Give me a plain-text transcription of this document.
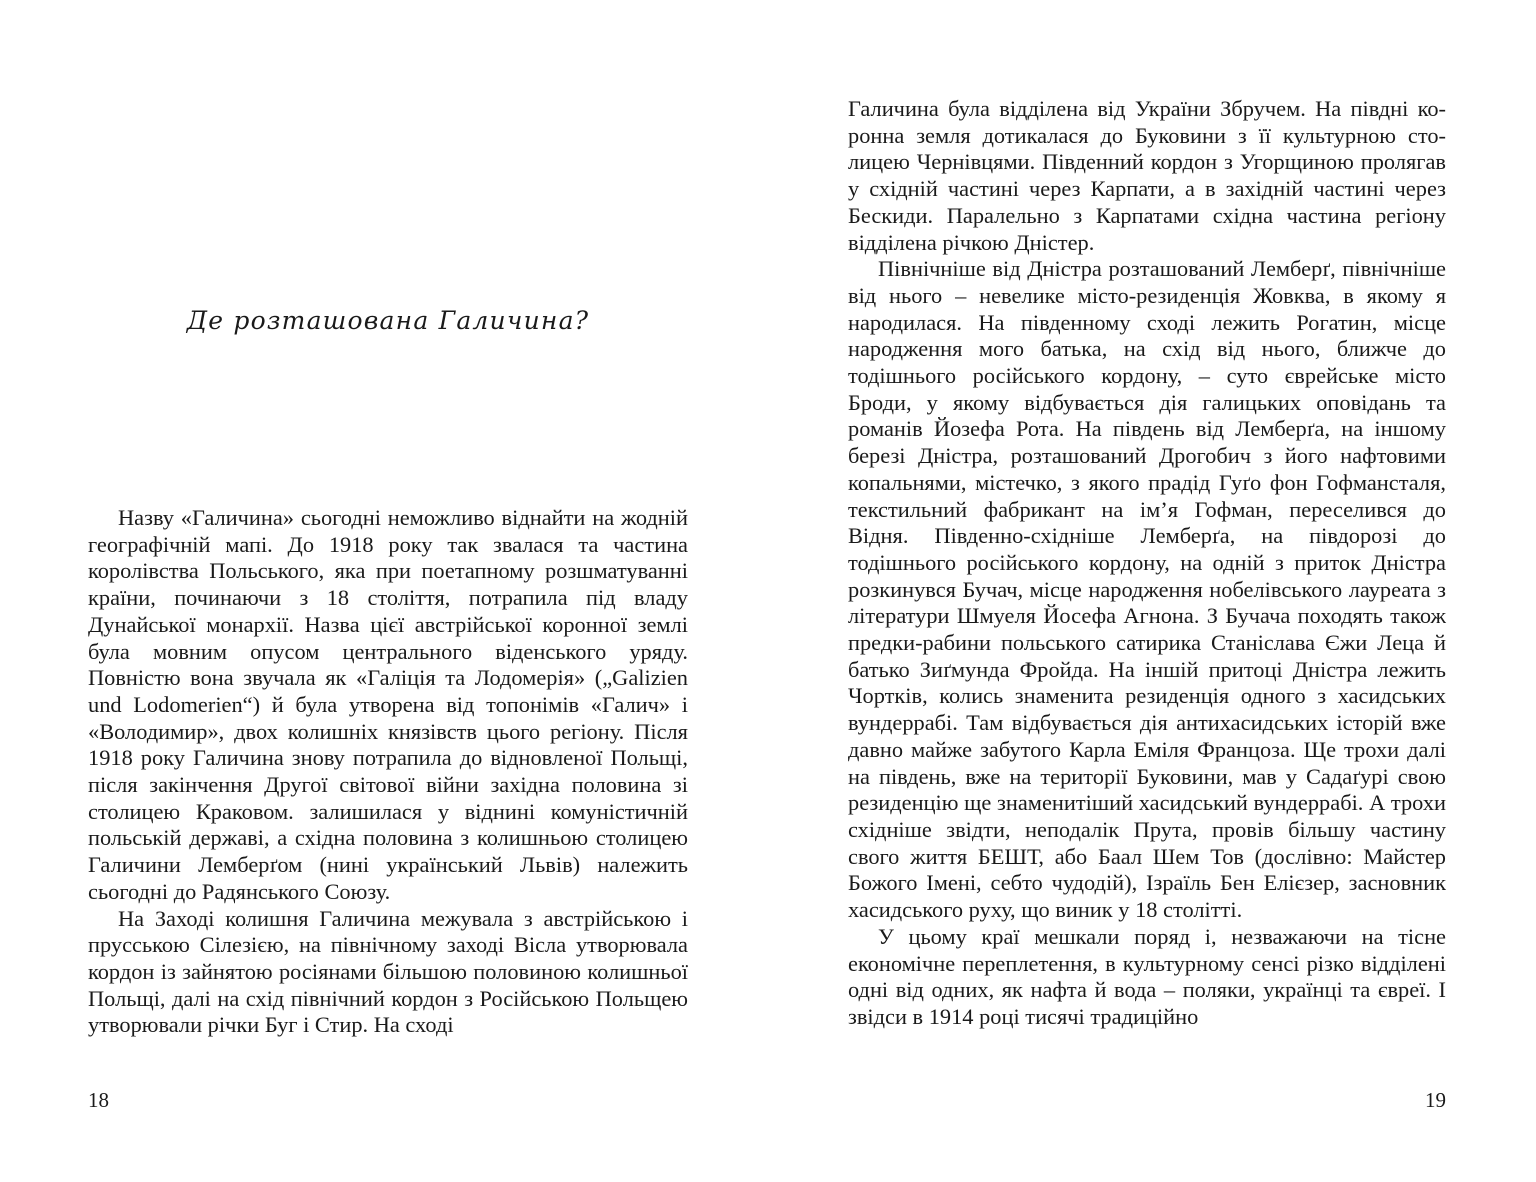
Де розташована Галичина?

Назву «Галичина» сьогодні неможливо віднайти на жодній географічній мапі. До 1918 року так звалася та частина королівства Польського, яка при поетапному розшматуванні країни, починаючи з 18 століття, потрапила під владу Дунайської монархії. Назва цієї австрійської коронної землі була мовним опусом центрального віденського уряду. Повністю вона звучала як «Галіція та Лодомерія» („Galizien und Lodomerien“) й була утворена від топонімів «Галич» і «Володимир», двох колишніх князівств цього регіону. Після 1918 року Галичина знову потрапила до відновленої Польщі, після закінчення Другої світової війни західна половина зі столицею Краковом. залишилася у віднині комуністичній польській державі, а східна половина з колишньою столицею Галичини Лемберґом (нині український Львів) належить сьогодні до Радянського Союзу.

На Заході колишня Галичина межувала з австрійською і прусською Сілезією, на північному заході Вісла утворювала кордон із зайнятою росіянами більшою половиною колишньої Польщі, далі на схід північний кордон з Російською Польщею утворювали річки Буг і Стир. На сході

18

Галичина була відділена від України Збручем. На півдні коронна земля дотикалася до Буковини з її культурною столицею Чернівцями. Південний кордон з Угорщиною пролягав у східній частині через Карпати, а в західній частині через Бескиди. Паралельно з Карпатами східна частина регіону відділена річкою Дністер.

Північніше від Дністра розташований Лемберґ, північніше від нього – невелике місто-резиденція Жовква, в якому я народилася. На південному сході лежить Рогатин, місце народження мого батька, на схід від нього, ближче до тодішнього російського кордону, – суто єврейське місто Броди, у якому відбувається дія галицьких оповідань та романів Йозефа Рота. На південь від Лемберґа, на іншому березі Дністра, розташований Дрогобич з його нафтовими копальнями, містечко, з якого прадід Гуґо фон Гофмансталя, текстильний фабрикант на ім’я Гофман, переселився до Відня. Південно-східніше Лемберґа, на півдорозі до тодішнього російського кордону, на одній з приток Дністра розкинувся Бучач, місце народження нобелівського лауреата з літератури Шмуеля Йосефа Агнона. З Бучача походять також предки-рабини польського сатирика Станіслава Єжи Леца й батько Зиґмунда Фройда. На іншій притоці Дністра лежить Чортків, колись знаменита резиденція одного з хасидських вундеррабі. Там відбувається дія антихасидських історій вже давно майже забутого Карла Еміля Францоза. Ще трохи далі на південь, вже на території Буковини, мав у Садаґурі свою резиденцію ще знаменитіший хасидський вундеррабі. А трохи східніше звідти, неподалік Прута, провів більшу частину свого життя БЕШТ, або Баал Шем Тов (дослівно: Майстер Божого Імені, себто чудодій), Ізраїль Бен Елієзер, засновник хасидського руху, що виник у 18 столітті.

У цьому краї мешкали поряд і, незважаючи на тісне економічне переплетення, в культурному сенсі різко відділені одні від одних, як нафта й вода – поляки, українці та євреї. І звідси в 1914 році тисячі традиційно

19
